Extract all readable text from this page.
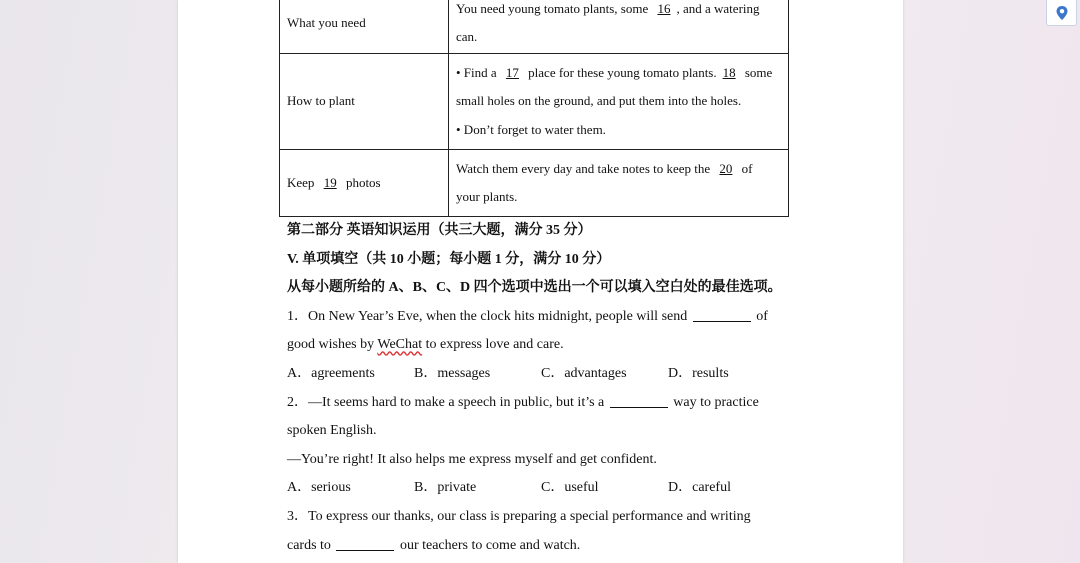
What you need	You need young tomato plants, some 16 , and a watering
can.

How to plant	• Find a 17 place for these young tomato plants. 18 some
small holes on the ground, and put them into the holes.
• Don’t forget to water them.

Keep 19 photos	Watch them every day and take notes to keep the 20 of
your plants.
第二部分 英语知识运用（共三大题，满分 35 分）
V. 单项填空（共 10 小题；每小题 1 分，满分 10 分）
从每小题所给的 A、B、C、D 四个选项中选出一个可以填入空白处的最佳选项。
1．On New Year’s Eve, when the clock hits midnight, people will send	of
good wishes by WeChat to express love and care.
A．agreements	B．messages	C．advantages	D．results
2．—It seems hard to make a speech in public, but it’s a	way to practice
spoken English.
—You’re right! It also helps me express myself and get confident.
A．serious	B．private	C．useful	D．careful
3．To express our thanks, our class is preparing a special performance and writing
cards to	our teachers to come and watch.
